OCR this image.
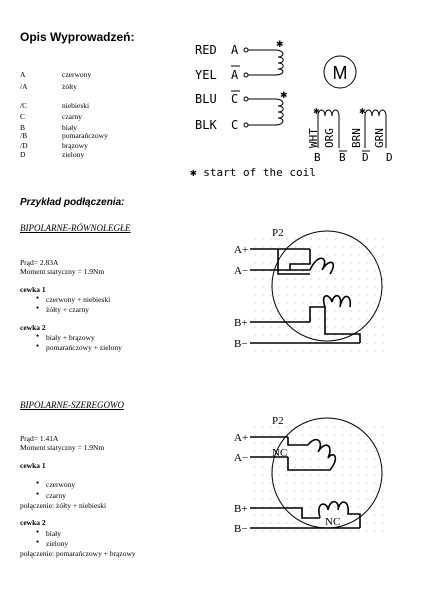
Opis Wyprowadzeń:
A	czerwony
/A	żółty
/C	niebieski
C	czarny
B	biały
/B	pomarańczowy
/D	brązowy
D	zielony
RED
YEL
BLU
BLK
A
A
C
C
✱
✱
M
WHT ORG BRN GRN
✱	✱
B B D D
✱ start of the coil
Przykład podłączenia:
BIPOLARNE-RÓWNOLEGŁE
Prąd= 2.83A
Moment statyczny = 1.9Nm
cewka 1
● czerwony + niebieski
● żółty + czarny
cewka 2
● biały + brązowy
● pomarańczowy + zielony
P2
A+
A−
B+
B−
BIPOLARNE-SZEREGOWO
Prąd= 1.41A
Moment statyczny = 1.9Nm
cewka 1
● czerwony
● czarny
połączenie: żółty + niebieski
cewka 2
● biały
● zielony
połączenie: pomarańczowy + brązowy
P2
A+
A−
B+
B−
NC
NC
